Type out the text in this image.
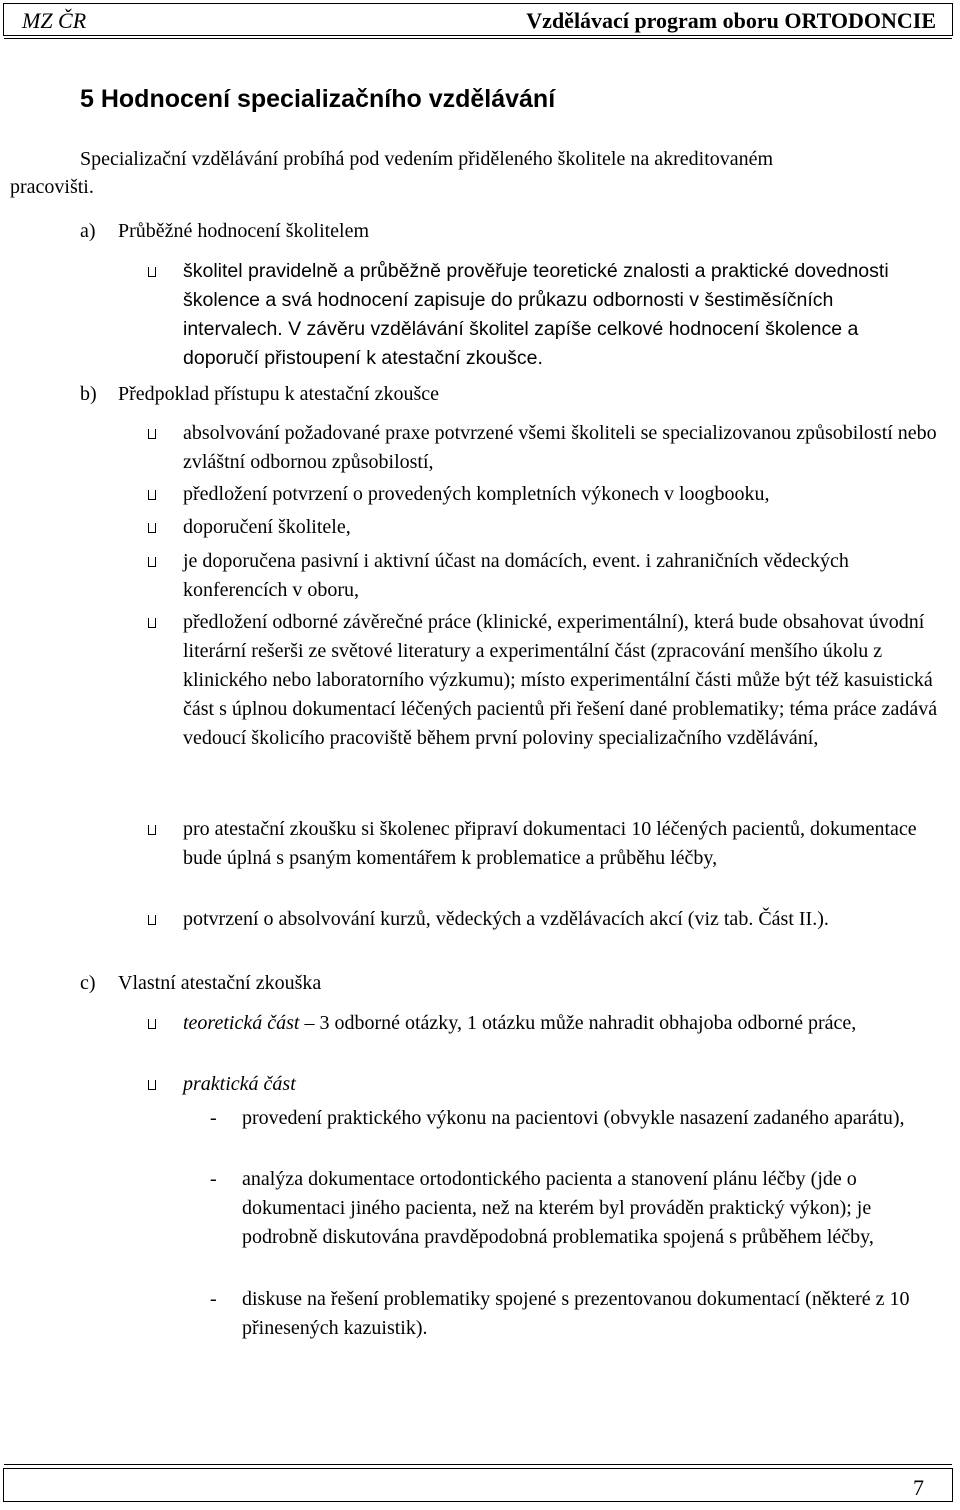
MZ ČR	Vzdělávací program oboru ORTODONCIE
5 Hodnocení specializačního vzdělávání
Specializační vzdělávání probíhá pod vedením přiděleného školitele na akreditovaném
pracovišti.
a) Průběžné hodnocení školitelem
školitel pravidelně a průběžně prověřuje teoretické znalosti a praktické dovednosti školence a svá hodnocení zapisuje do průkazu odbornosti v šestiměsíčních intervalech. V závěru vzdělávání školitel zapíše celkové hodnocení školence a doporučí přistoupení k atestační zkoušce.
b) Předpoklad přístupu k atestační zkoušce
absolvování požadované praxe potvrzené všemi školiteli se specializovanou způsobilostí nebo zvláštní odbornou způsobilostí,
předložení potvrzení o provedených kompletních výkonech v loogbooku,
doporučení školitele,
je doporučena pasivní i aktivní účast na domácích, event. i zahraničních vědeckých konferencích v oboru,
předložení odborné závěrečné práce (klinické, experimentální), která bude obsahovat úvodní literární rešerši ze světové literatury a experimentální část (zpracování menšího úkolu z klinického nebo laboratorního výzkumu); místo experimentální části může být též kasuistická část s úplnou dokumentací léčených pacientů při řešení dané problematiky; téma práce zadává vedoucí školicího pracoviště během první poloviny specializačního vzdělávání,
pro atestační zkoušku si školenec připraví dokumentaci 10 léčených pacientů, dokumentace bude úplná s psaným komentářem k problematice a průběhu léčby,
potvrzení o absolvování kurzů, vědeckých a vzdělávacích akcí (viz tab. Část II.).
c) Vlastní atestační zkouška
teoretická část – 3 odborné otázky, 1 otázku může nahradit obhajoba odborné práce,
praktická část
- provedení praktického výkonu na pacientovi (obvykle nasazení zadaného aparátu),
- analýza dokumentace ortodontického pacienta a stanovení plánu léčby (jde o dokumentaci jiného pacienta, než na kterém byl prováděn praktický výkon); je podrobně diskutována pravděpodobná problematika spojená s průběhem léčby,
- diskuse na řešení problematiky spojené s prezentovanou dokumentací (některé z 10 přinesených kazuistik).
7
